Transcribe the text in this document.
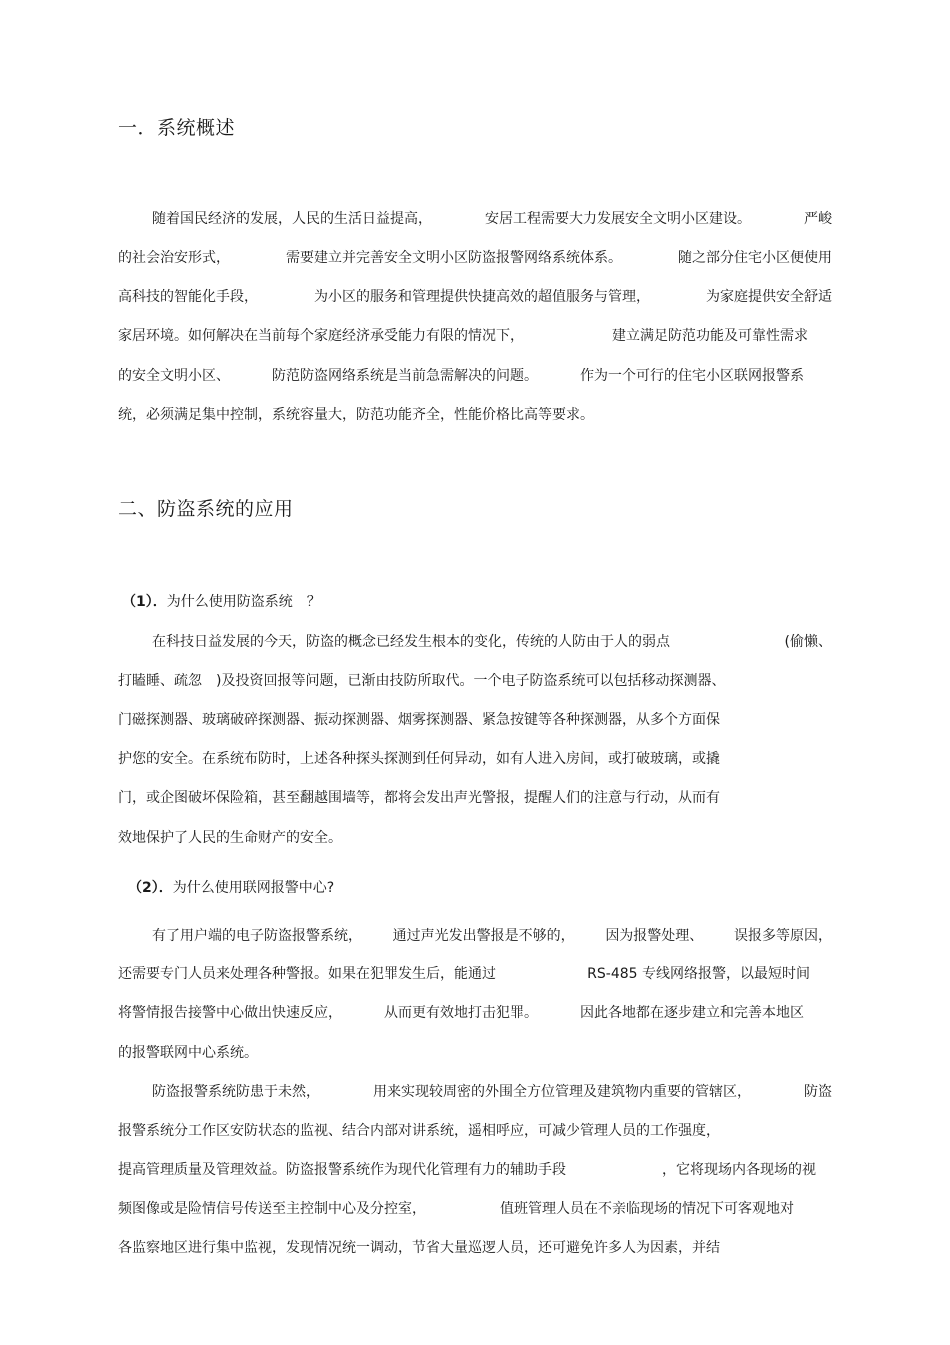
一．系统概述
随着国民经济的发展，人民的生活日益提高，	安居工程需要大力发展安全文明小区建设。	严峻
的社会治安形式，	需要建立并完善安全文明小区防盗报警网络系统体系。	随之部分住宅小区便使用
高科技的智能化手段，	为小区的服务和管理提供快捷高效的超值服务与管理，	为家庭提供安全舒适
家居环境。如何解决在当前每个家庭经济承受能力有限的情况下，	建立满足防范功能及可靠性需求
的安全文明小区、	防范防盗网络系统是当前急需解决的问题。	作为一个可行的住宅小区联网报警系
统，必须满足集中控制，系统容量大，防范功能齐全，性能价格比高等要求。
二、防盗系统的应用
（1）．为什么使用防盗系统　？
在科技日益发展的今天，防盗的概念已经发生根本的变化，传统的人防由于人的弱点	(偷懒、
打瞌睡、疏忽　)及投资回报等问题，已渐由技防所取代。一个电子防盗系统可以包括移动探测器、
门磁探测器、玻璃破碎探测器、振动探测器、烟雾探测器、紧急按键等各种探测器，从多个方面保
护您的安全。在系统布防时，上述各种探头探测到任何异动，如有人进入房间，或打破玻璃，或撬
门，或企图破坏保险箱，甚至翻越围墙等，都将会发出声光警报，提醒人们的注意与行动，从而有
效地保护了人民的生命财产的安全。
（2）．为什么使用联网报警中心?
有了用户端的电子防盗报警系统， 通过声光发出警报是不够的， 因为报警处理、 误报多等原因，
还需要专门人员来处理各种警报。如果在犯罪发生后，能通过	RS-485 专线网络报警，以最短时间
将警情报告接警中心做出快速反应，	从而更有效地打击犯罪。	因此各地都在逐步建立和完善本地区
的报警联网中心系统。
防盗报警系统防患于未然，	用来实现较周密的外围全方位管理及建筑物内重要的管辖区，	防盗
报警系统分工作区安防状态的监视、结合内部对讲系统，遥相呼应，可减少管理人员的工作强度，
提高管理质量及管理效益。防盗报警系统作为现代化管理有力的辅助手段	，它将现场内各现场的视
频图像或是险情信号传送至主控制中心及分控室，	值班管理人员在不亲临现场的情况下可客观地对
各监察地区进行集中监视，发现情况统一调动，节省大量巡逻人员，还可避免许多人为因素，并结
